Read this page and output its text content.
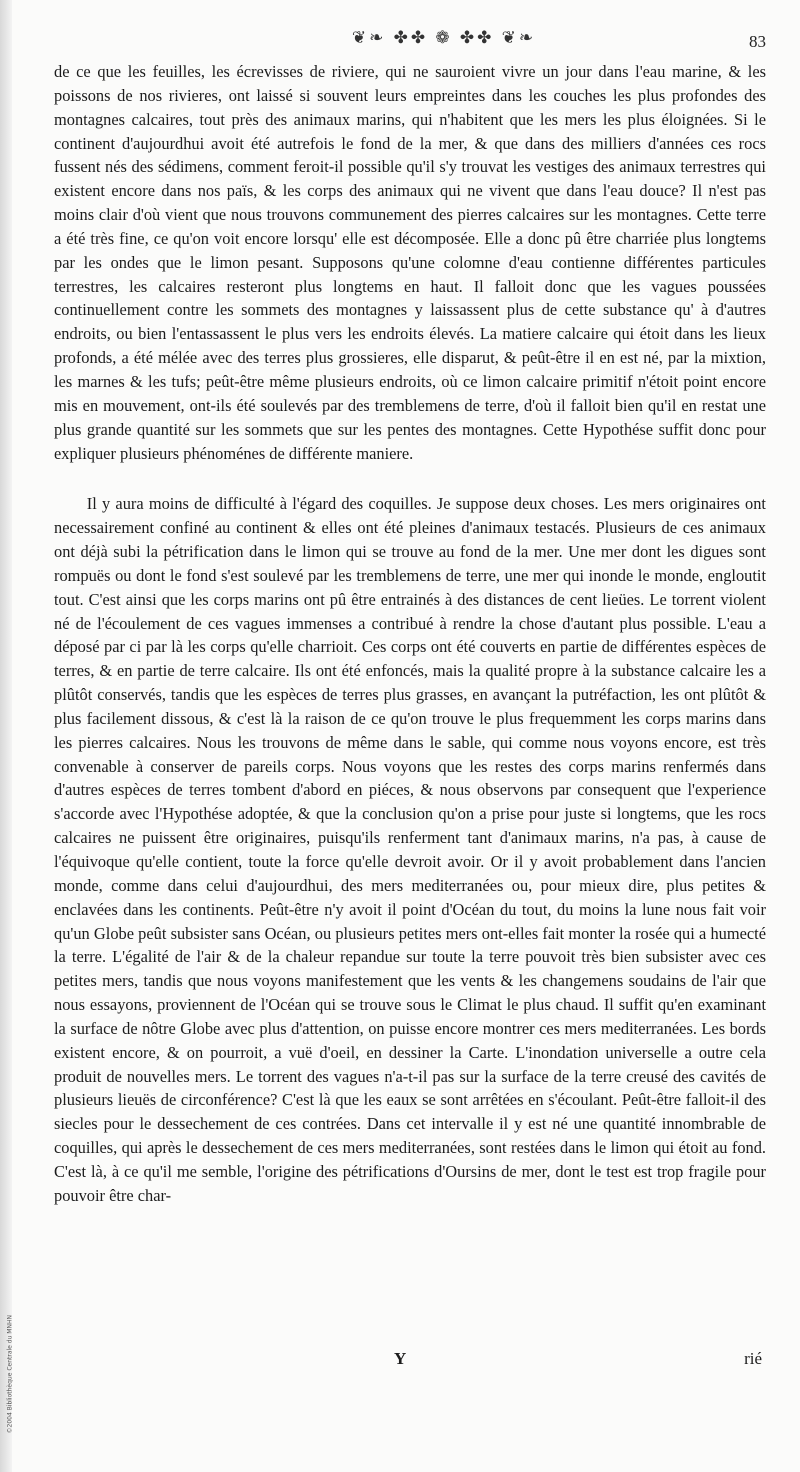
❦❧ ✤✤ ❁ ✤✤ ❦❧	83

de ce que les feuilles, les écrevisses de riviere, qui ne sauroient vivre un jour dans l'eau marine, & les poissons de nos rivieres, ont laissé si souvent leurs empreintes dans les couches les plus profondes des montagnes calcaires, tout près des animaux marins, qui n'habitent que les mers les plus éloignées. Si le continent d'aujourdhui avoit été autrefois le fond de la mer, & que dans des milliers d'années ces rocs fussent nés des sédimens, comment feroit-il possible qu'il s'y trouvat les vestiges des animaux terrestres qui existent encore dans nos païs, & les corps des animaux qui ne vivent que dans l'eau douce? Il n'est pas moins clair d'où vient que nous trouvons communement des pierres calcaires sur les montagnes. Cette terre a été très fine, ce qu'on voit encore lorsqu' elle est décomposée. Elle a donc pû être charriée plus longtems par les ondes que le limon pesant. Supposons qu'une colomne d'eau contienne différentes particules terrestres, les calcaires resteront plus longtems en haut. Il falloit donc que les vagues poussées continuellement contre les sommets des montagnes y laissassent plus de cette substance qu' à d'autres endroits, ou bien l'entassassent le plus vers les endroits élevés. La matiere calcaire qui étoit dans les lieux profonds, a été mélée avec des terres plus grossieres, elle disparut, & peût-être il en est né, par la mixtion, les marnes & les tufs; peût-être même plusieurs endroits, où ce limon calcaire primitif n'étoit point encore mis en mouvement, ont-ils été soulevés par des tremblemens de terre, d'où il falloit bien qu'il en restat une plus grande quantité sur les sommets que sur les pentes des montagnes. Cette Hypothése suffit donc pour expliquer plusieurs phénoménes de différente maniere.

Il y aura moins de difficulté à l'égard des coquilles. Je suppose deux choses. Les mers originaires ont necessairement confiné au continent & elles ont été pleines d'animaux testacés. Plusieurs de ces animaux ont déjà subi la pétrification dans le limon qui se trouve au fond de la mer. Une mer dont les digues sont rompuës ou dont le fond s'est soulevé par les tremblemens de terre, une mer qui inonde le monde, engloutit tout. C'est ainsi que les corps marins ont pû être entrainés à des distances de cent lieües. Le torrent violent né de l'écoulement de ces vagues immenses a contribué à rendre la chose d'autant plus possible. L'eau a déposé par ci par là les corps qu'elle charrioit. Ces corps ont été couverts en partie de différentes espèces de terres, & en partie de terre calcaire. Ils ont été enfoncés, mais la qualité propre à la substance calcaire les a plûtôt conservés, tandis que les espèces de terres plus grasses, en avançant la putréfaction, les ont plûtôt & plus facilement dissous, & c'est là la raison de ce qu'on trouve le plus frequemment les corps marins dans les pierres calcaires. Nous les trouvons de même dans le sable, qui comme nous voyons encore, est très convenable à conserver de pareils corps. Nous voyons que les restes des corps marins renfermés dans d'autres espèces de terres tombent d'abord en piéces, & nous observons par consequent que l'experience s'accorde avec l'Hypothése adoptée, & que la conclusion qu'on a prise pour juste si longtems, que les rocs calcaires ne puissent être originaires, puisqu'ils renferment tant d'animaux marins, n'a pas, à cause de l'équivoque qu'elle contient, toute la force qu'elle devroit avoir. Or il y avoit probablement dans l'ancien monde, comme dans celui d'aujourdhui, des mers mediterranées ou, pour mieux dire, plus petites & enclavées dans les continents. Peût-être n'y avoit il point d'Océan du tout, du moins la lune nous fait voir qu'un Globe peût subsister sans Océan, ou plusieurs petites mers ont-elles fait monter la rosée qui a humecté la terre. L'égalité de l'air & de la chaleur repandue sur toute la terre pouvoit très bien subsister avec ces petites mers, tandis que nous voyons manifestement que les vents & les changemens soudains de l'air que nous essayons, proviennent de l'Océan qui se trouve sous le Climat le plus chaud. Il suffit qu'en examinant la surface de nôtre Globe avec plus d'attention, on puisse encore montrer ces mers mediterranées. Les bords existent encore, & on pourroit, a vuë d'oeil, en dessiner la Carte. L'inondation universelle a outre cela produit de nouvelles mers. Le torrent des vagues n'a-t-il pas sur la surface de la terre creusé des cavités de plusieurs lieuës de circonférence? C'est là que les eaux se sont arrêtées en s'écoulant. Peût-être falloit-il des siecles pour le dessechement de ces contrées. Dans cet intervalle il y est né une quantité innombrable de coquilles, qui après le dessechement de ces mers mediterranées, sont restées dans le limon qui étoit au fond. C'est là, à ce qu'il me semble, l'origine des pétrifications d'Oursins de mer, dont le test est trop fragile pour pouvoir être char-

Y	rié
©2004 Bibliothèque Centrale du MNHN
